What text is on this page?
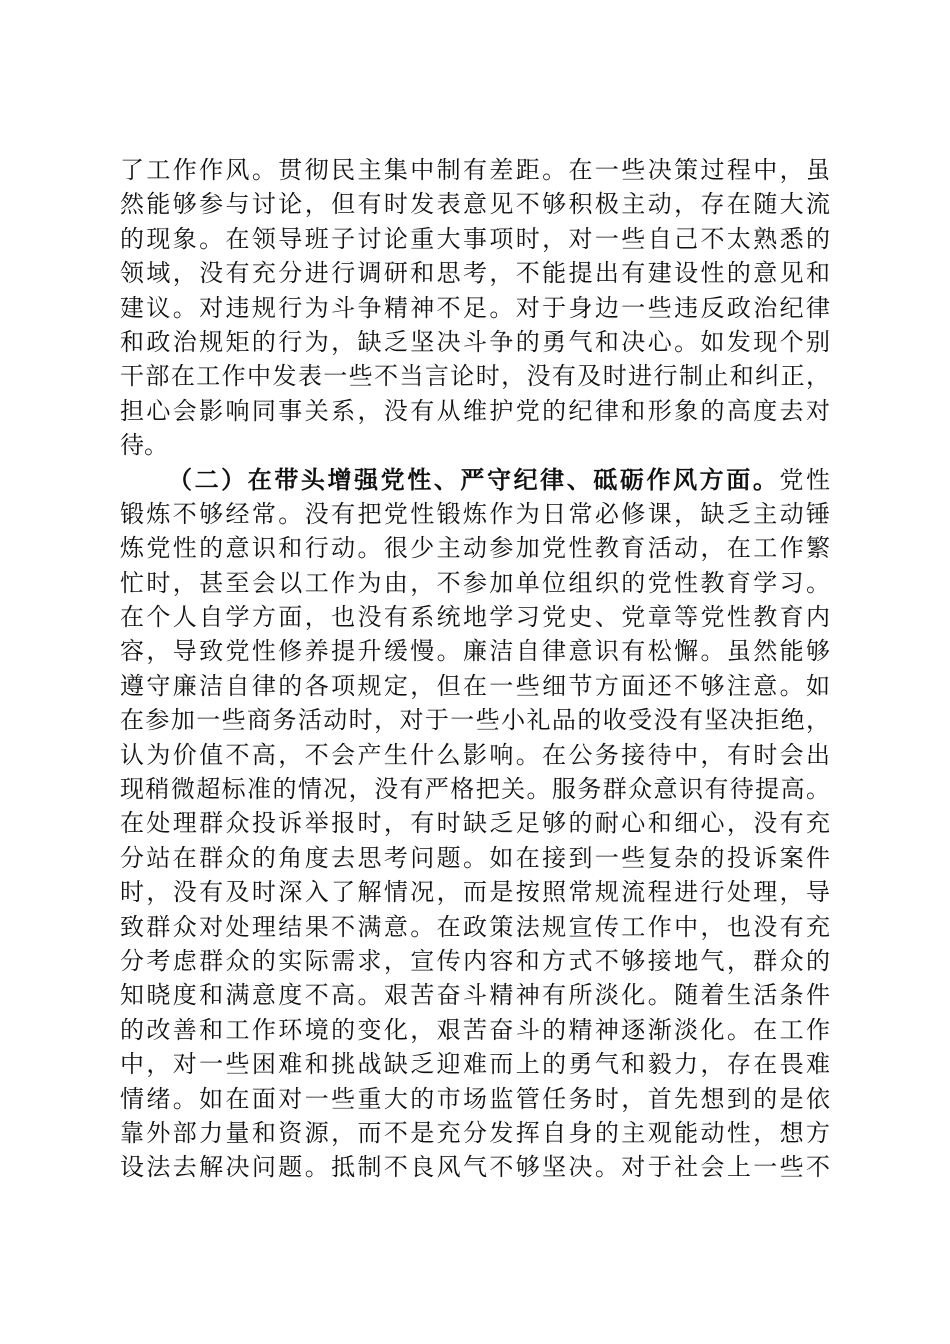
了工作作风。贯彻民主集中制有差距。在一些决策过程中，虽
然能够参与讨论，但有时发表意见不够积极主动，存在随大流
的现象。在领导班子讨论重大事项时，对一些自己不太熟悉的
领域，没有充分进行调研和思考，不能提出有建设性的意见和
建议。对违规行为斗争精神不足。对于身边一些违反政治纪律
和政治规矩的行为，缺乏坚决斗争的勇气和决心。如发现个别
干部在工作中发表一些不当言论时，没有及时进行制止和纠正，
担心会影响同事关系，没有从维护党的纪律和形象的高度去对
待。
（二）在带头增强党性、严守纪律、砥砺作风方面。党性
锻炼不够经常。没有把党性锻炼作为日常必修课，缺乏主动锤
炼党性的意识和行动。很少主动参加党性教育活动，在工作繁
忙时，甚至会以工作为由，不参加单位组织的党性教育学习。
在个人自学方面，也没有系统地学习党史、党章等党性教育内
容，导致党性修养提升缓慢。廉洁自律意识有松懈。虽然能够
遵守廉洁自律的各项规定，但在一些细节方面还不够注意。如
在参加一些商务活动时，对于一些小礼品的收受没有坚决拒绝，
认为价值不高，不会产生什么影响。在公务接待中，有时会出
现稍微超标准的情况，没有严格把关。服务群众意识有待提高。
在处理群众投诉举报时，有时缺乏足够的耐心和细心，没有充
分站在群众的角度去思考问题。如在接到一些复杂的投诉案件
时，没有及时深入了解情况，而是按照常规流程进行处理，导
致群众对处理结果不满意。在政策法规宣传工作中，也没有充
分考虑群众的实际需求，宣传内容和方式不够接地气，群众的
知晓度和满意度不高。艰苦奋斗精神有所淡化。随着生活条件
的改善和工作环境的变化，艰苦奋斗的精神逐渐淡化。在工作
中，对一些困难和挑战缺乏迎难而上的勇气和毅力，存在畏难
情绪。如在面对一些重大的市场监管任务时，首先想到的是依
靠外部力量和资源，而不是充分发挥自身的主观能动性，想方
设法去解决问题。抵制不良风气不够坚决。对于社会上一些不
